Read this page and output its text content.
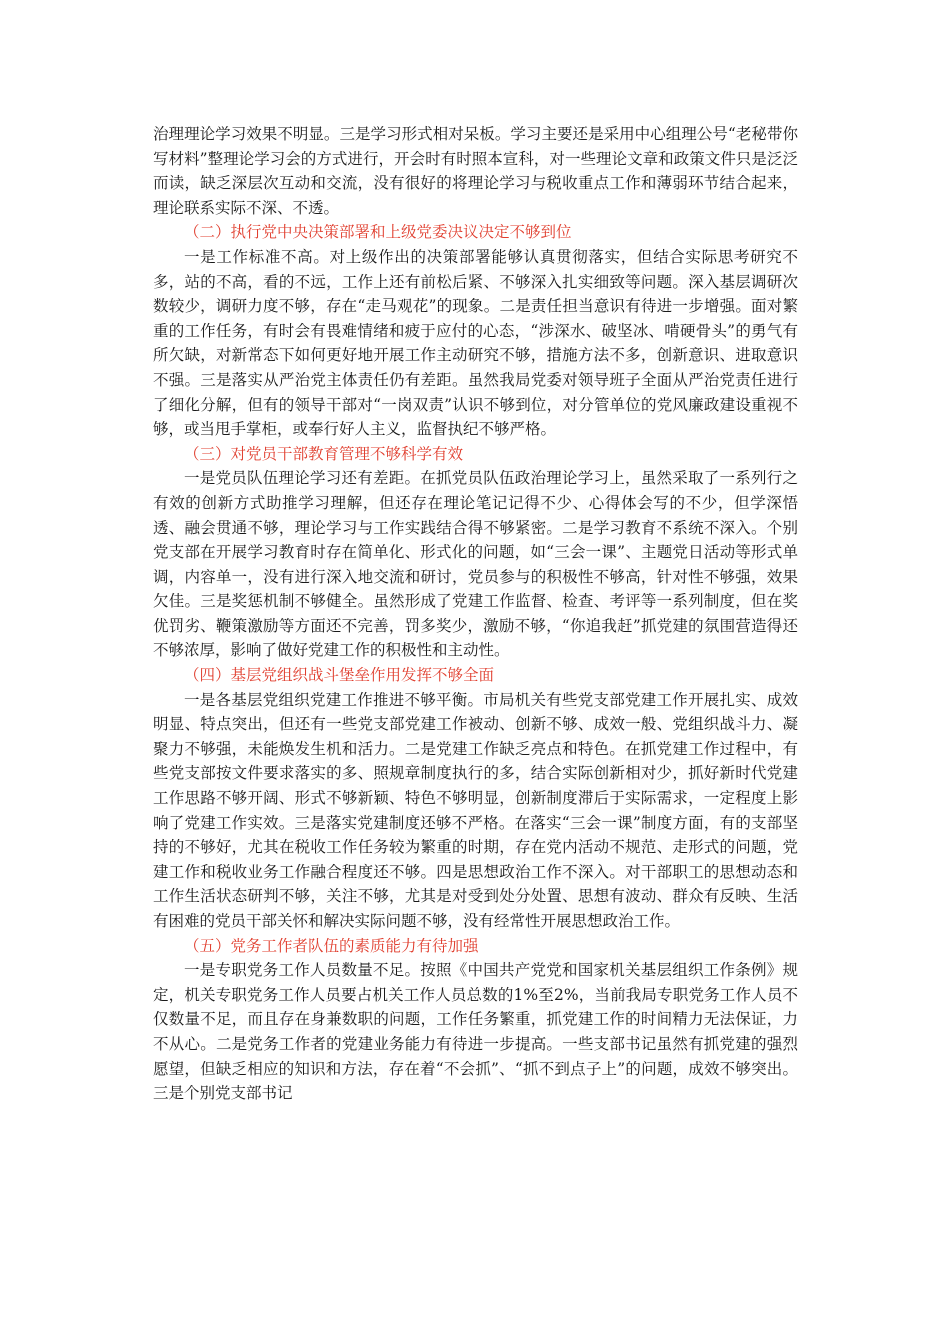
治理理论学习效果不明显。三是学习形式相对呆板。学习主要还是采用中心组理公号“老秘带你写材料”整理论学习会的方式进行，开会时有时照本宣科，对一些理论文章和政策文件只是泛泛而读，缺乏深层次互动和交流，没有很好的将理论学习与税收重点工作和薄弱环节结合起来，理论联系实际不深、不透。

（二）执行党中央决策部署和上级党委决议决定不够到位

一是工作标准不高。对上级作出的决策部署能够认真贯彻落实，但结合实际思考研究不多，站的不高，看的不远，工作上还有前松后紧、不够深入扎实细致等问题。深入基层调研次数较少，调研力度不够，存在“走马观花”的现象。二是责任担当意识有待进一步增强。面对繁重的工作任务，有时会有畏难情绪和疲于应付的心态，“涉深水、破坚冰、啃硬骨头”的勇气有所欠缺，对新常态下如何更好地开展工作主动研究不够，措施方法不多，创新意识、进取意识不强。三是落实从严治党主体责任仍有差距。虽然我局党委对领导班子全面从严治党责任进行了细化分解，但有的领导干部对“一岗双责”认识不够到位，对分管单位的党风廉政建设重视不够，或当甩手掌柜，或奉行好人主义，监督执纪不够严格。

（三）对党员干部教育管理不够科学有效

一是党员队伍理论学习还有差距。在抓党员队伍政治理论学习上，虽然采取了一系列行之有效的创新方式助推学习理解，但还存在理论笔记记得不少、心得体会写的不少，但学深悟透、融会贯通不够，理论学习与工作实践结合得不够紧密。二是学习教育不系统不深入。个别党支部在开展学习教育时存在简单化、形式化的问题，如“三会一课”、主题党日活动等形式单调，内容单一，没有进行深入地交流和研讨，党员参与的积极性不够高，针对性不够强，效果欠佳。三是奖惩机制不够健全。虽然形成了党建工作监督、检查、考评等一系列制度，但在奖优罚劣、鞭策激励等方面还不完善，罚多奖少，激励不够，“你追我赶”抓党建的氛围营造得还不够浓厚，影响了做好党建工作的积极性和主动性。

（四）基层党组织战斗堡垒作用发挥不够全面

一是各基层党组织党建工作推进不够平衡。市局机关有些党支部党建工作开展扎实、成效明显、特点突出，但还有一些党支部党建工作被动、创新不够、成效一般、党组织战斗力、凝聚力不够强，未能焕发生机和活力。二是党建工作缺乏亮点和特色。在抓党建工作过程中，有些党支部按文件要求落实的多、照规章制度执行的多，结合实际创新相对少，抓好新时代党建工作思路不够开阔、形式不够新颖、特色不够明显，创新制度滞后于实际需求，一定程度上影响了党建工作实效。三是落实党建制度还够不严格。在落实“三会一课”制度方面，有的支部坚持的不够好，尤其在税收工作任务较为繁重的时期，存在党内活动不规范、走形式的问题，党建工作和税收业务工作融合程度还不够。四是思想政治工作不深入。对干部职工的思想动态和工作生活状态研判不够，关注不够，尤其是对受到处分处置、思想有波动、群众有反映、生活有困难的党员干部关怀和解决实际问题不够，没有经常性开展思想政治工作。

（五）党务工作者队伍的素质能力有待加强

一是专职党务工作人员数量不足。按照《中国共产党党和国家机关基层组织工作条例》规定，机关专职党务工作人员要占机关工作人员总数的1%至2%，当前我局专职党务工作人员不仅数量不足，而且存在身兼数职的问题，工作任务繁重，抓党建工作的时间精力无法保证，力不从心。二是党务工作者的党建业务能力有待进一步提高。一些支部书记虽然有抓党建的强烈愿望，但缺乏相应的知识和方法，存在着“不会抓”、“抓不到点子上”的问题，成效不够突出。三是个别党支部书记
